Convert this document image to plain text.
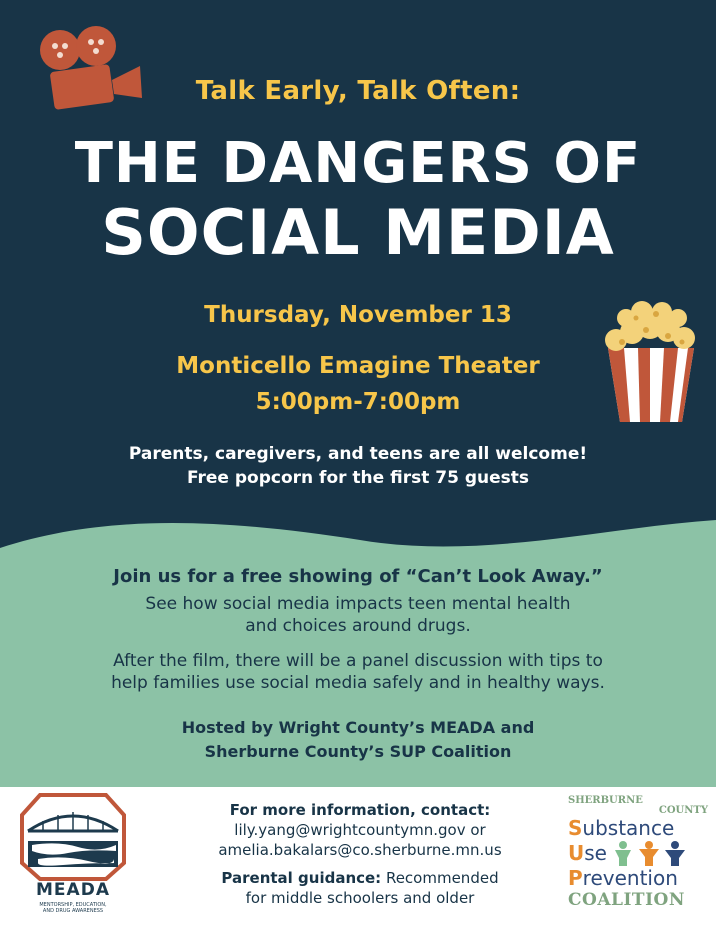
Talk Early, Talk Often:
THE DANGERS OF
SOCIAL MEDIA
Thursday, November 13
Monticello Emagine Theater
5:00pm-7:00pm
Parents, caregivers, and teens are all welcome!
Free popcorn for the first 75 guests
Join us for a free showing of “Can’t Look Away.”
See how social media impacts teen mental health
and choices around drugs.
After the film, there will be a panel discussion with tips to
help families use social media safely and in healthy ways.
Hosted by Wright County’s MEADA and
Sherburne County’s SUP Coalition
MEADA
MENTORSHIP, EDUCATION,
AND DRUG AWARENESS
For more information, contact:
lily.yang@wrightcountymn.gov or
amelia.bakalars@co.sherburne.mn.us
Parental guidance: Recommended
for middle schoolers and older
SHERBURNE
COUNTY
Substance
Use
Prevention
COALITION
